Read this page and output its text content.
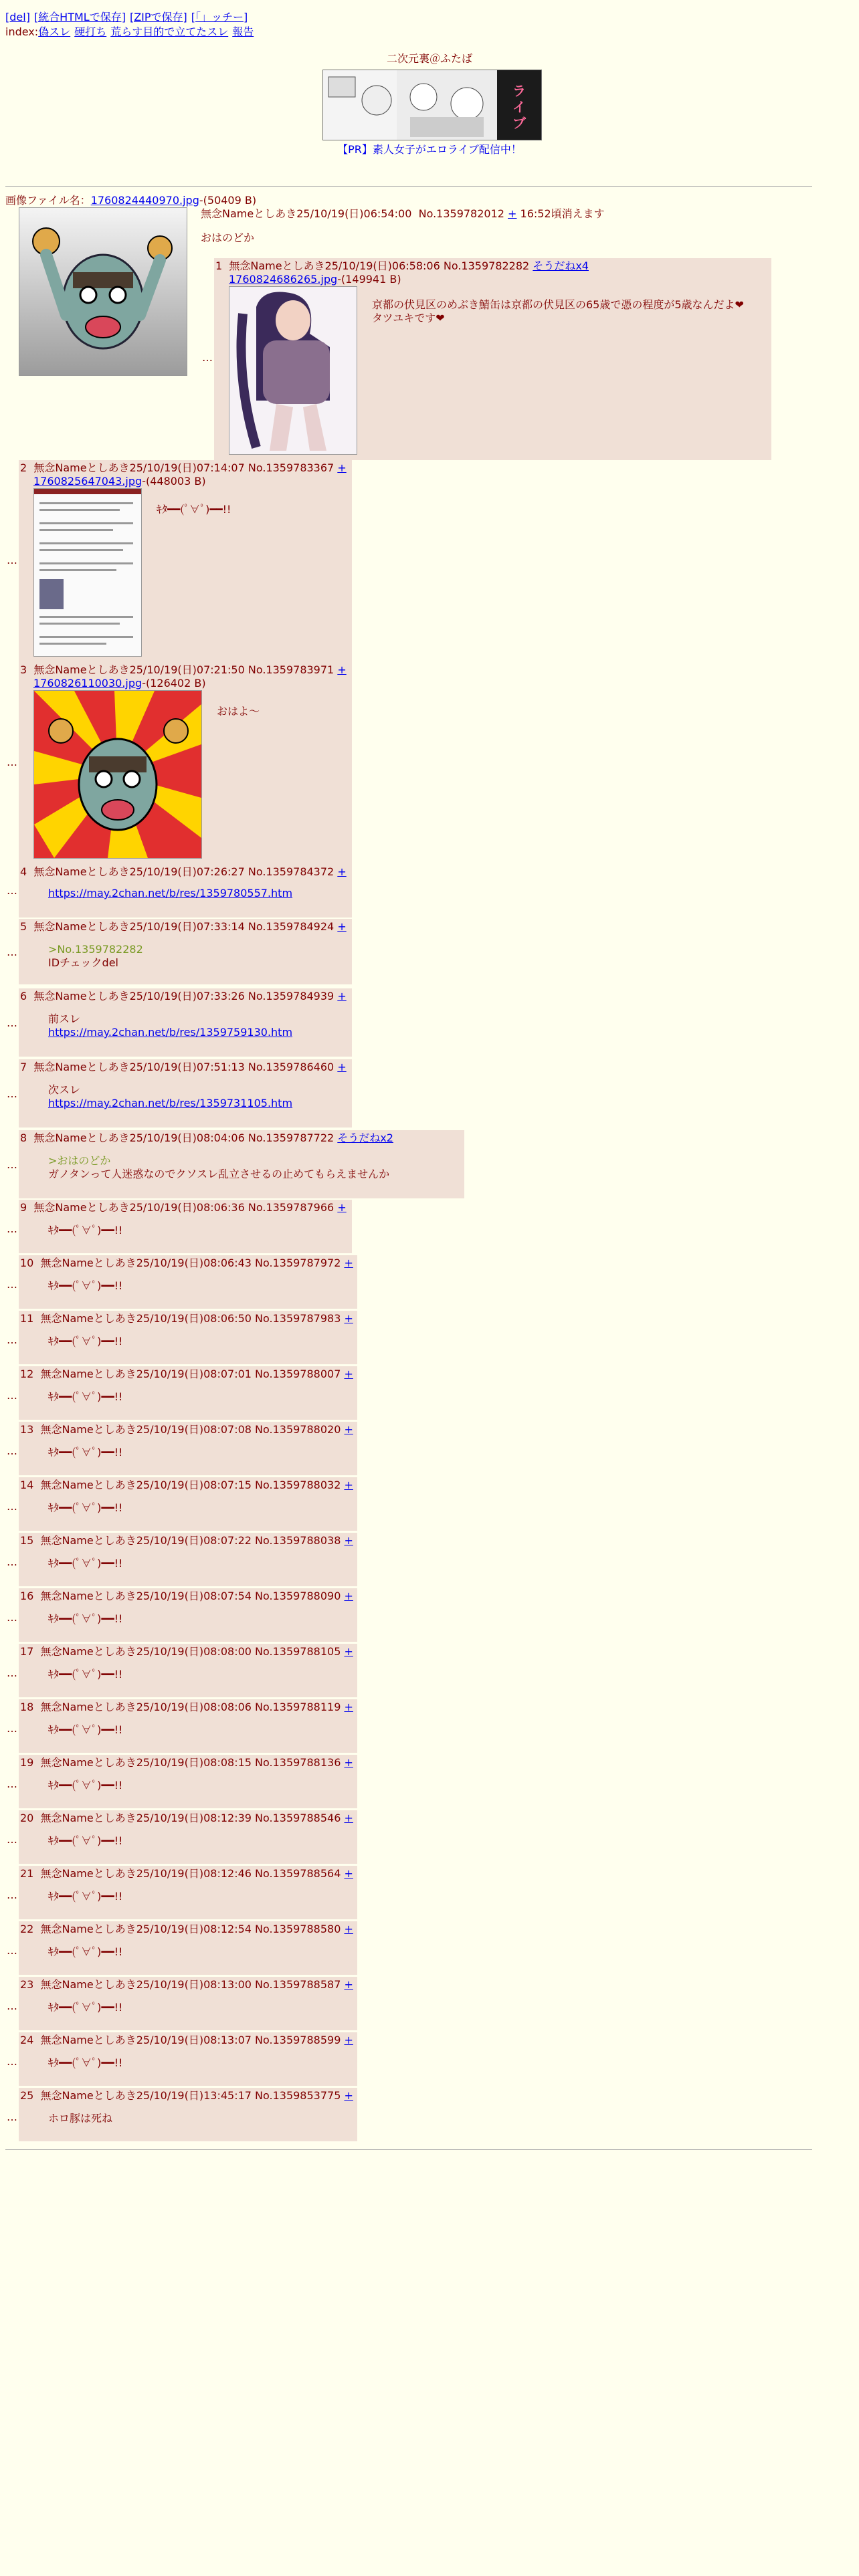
[del] [統合HTMLで保存] [ZIPで保存] [「」ッチー]
index:偽スレ 硬打ち 荒らす目的で立てたスレ 報告
二次元裏＠ふたば
ラ
イ
ブ
【PR】素人女子がエロライブ配信中！
画像ファイル名：1760824440970.jpg-(50409 B)
無念Nameとしあき25/10/19(日)06:54:00 No.1359782012 + 16:52頃消えます
おはのどか
…
1 無念Nameとしあき25/10/19(日)06:58:06 No.1359782282 そうだねx4
1760824686265.jpg-(149941 B)
京都の伏見区のめぶき鯖缶は京都の伏見区の65歳で憑の程度が5歳なんだよ❤
タツユキです❤
…
2 無念Nameとしあき25/10/19(日)07:14:07 No.1359783367 +
1760825647043.jpg-(448003 B)
ｷﾀ━━(ﾟ∀ﾟ)━━!!
…
3 無念Nameとしあき25/10/19(日)07:21:50 No.1359783971 +
1760826110030.jpg-(126402 B)
おはよ〜
…
4 無念Nameとしあき25/10/19(日)07:26:27 No.1359784372 +
https://may.2chan.net/b/res/1359780557.htm
…
5 無念Nameとしあき25/10/19(日)07:33:14 No.1359784924 +
>No.1359782282
IDチェックdel
…
6 無念Nameとしあき25/10/19(日)07:33:26 No.1359784939 +
前スレ
https://may.2chan.net/b/res/1359759130.htm
…
7 無念Nameとしあき25/10/19(日)07:51:13 No.1359786460 +
次スレ
https://may.2chan.net/b/res/1359731105.htm
…
8 無念Nameとしあき25/10/19(日)08:04:06 No.1359787722 そうだねx2
>おはのどか
ガノタンって人迷惑なのでクソスレ乱立させるの止めてもらえませんか
…
9 無念Nameとしあき25/10/19(日)08:06:36 No.1359787966 +
ｷﾀ━━(ﾟ∀ﾟ)━━!!
…
10 無念Nameとしあき25/10/19(日)08:06:43 No.1359787972 +
ｷﾀ━━(ﾟ∀ﾟ)━━!!
…
11 無念Nameとしあき25/10/19(日)08:06:50 No.1359787983 +
ｷﾀ━━(ﾟ∀ﾟ)━━!!
…
12 無念Nameとしあき25/10/19(日)08:07:01 No.1359788007 +
ｷﾀ━━(ﾟ∀ﾟ)━━!!
…
13 無念Nameとしあき25/10/19(日)08:07:08 No.1359788020 +
ｷﾀ━━(ﾟ∀ﾟ)━━!!
…
14 無念Nameとしあき25/10/19(日)08:07:15 No.1359788032 +
ｷﾀ━━(ﾟ∀ﾟ)━━!!
…
15 無念Nameとしあき25/10/19(日)08:07:22 No.1359788038 +
ｷﾀ━━(ﾟ∀ﾟ)━━!!
…
16 無念Nameとしあき25/10/19(日)08:07:54 No.1359788090 +
ｷﾀ━━(ﾟ∀ﾟ)━━!!
…
17 無念Nameとしあき25/10/19(日)08:08:00 No.1359788105 +
ｷﾀ━━(ﾟ∀ﾟ)━━!!
…
18 無念Nameとしあき25/10/19(日)08:08:06 No.1359788119 +
ｷﾀ━━(ﾟ∀ﾟ)━━!!
…
19 無念Nameとしあき25/10/19(日)08:08:15 No.1359788136 +
ｷﾀ━━(ﾟ∀ﾟ)━━!!
…
20 無念Nameとしあき25/10/19(日)08:12:39 No.1359788546 +
ｷﾀ━━(ﾟ∀ﾟ)━━!!
…
21 無念Nameとしあき25/10/19(日)08:12:46 No.1359788564 +
ｷﾀ━━(ﾟ∀ﾟ)━━!!
…
22 無念Nameとしあき25/10/19(日)08:12:54 No.1359788580 +
ｷﾀ━━(ﾟ∀ﾟ)━━!!
…
23 無念Nameとしあき25/10/19(日)08:13:00 No.1359788587 +
ｷﾀ━━(ﾟ∀ﾟ)━━!!
…
24 無念Nameとしあき25/10/19(日)08:13:07 No.1359788599 +
ｷﾀ━━(ﾟ∀ﾟ)━━!!
…
25 無念Nameとしあき25/10/19(日)13:45:17 No.1359853775 +
ホロ豚は死ね
